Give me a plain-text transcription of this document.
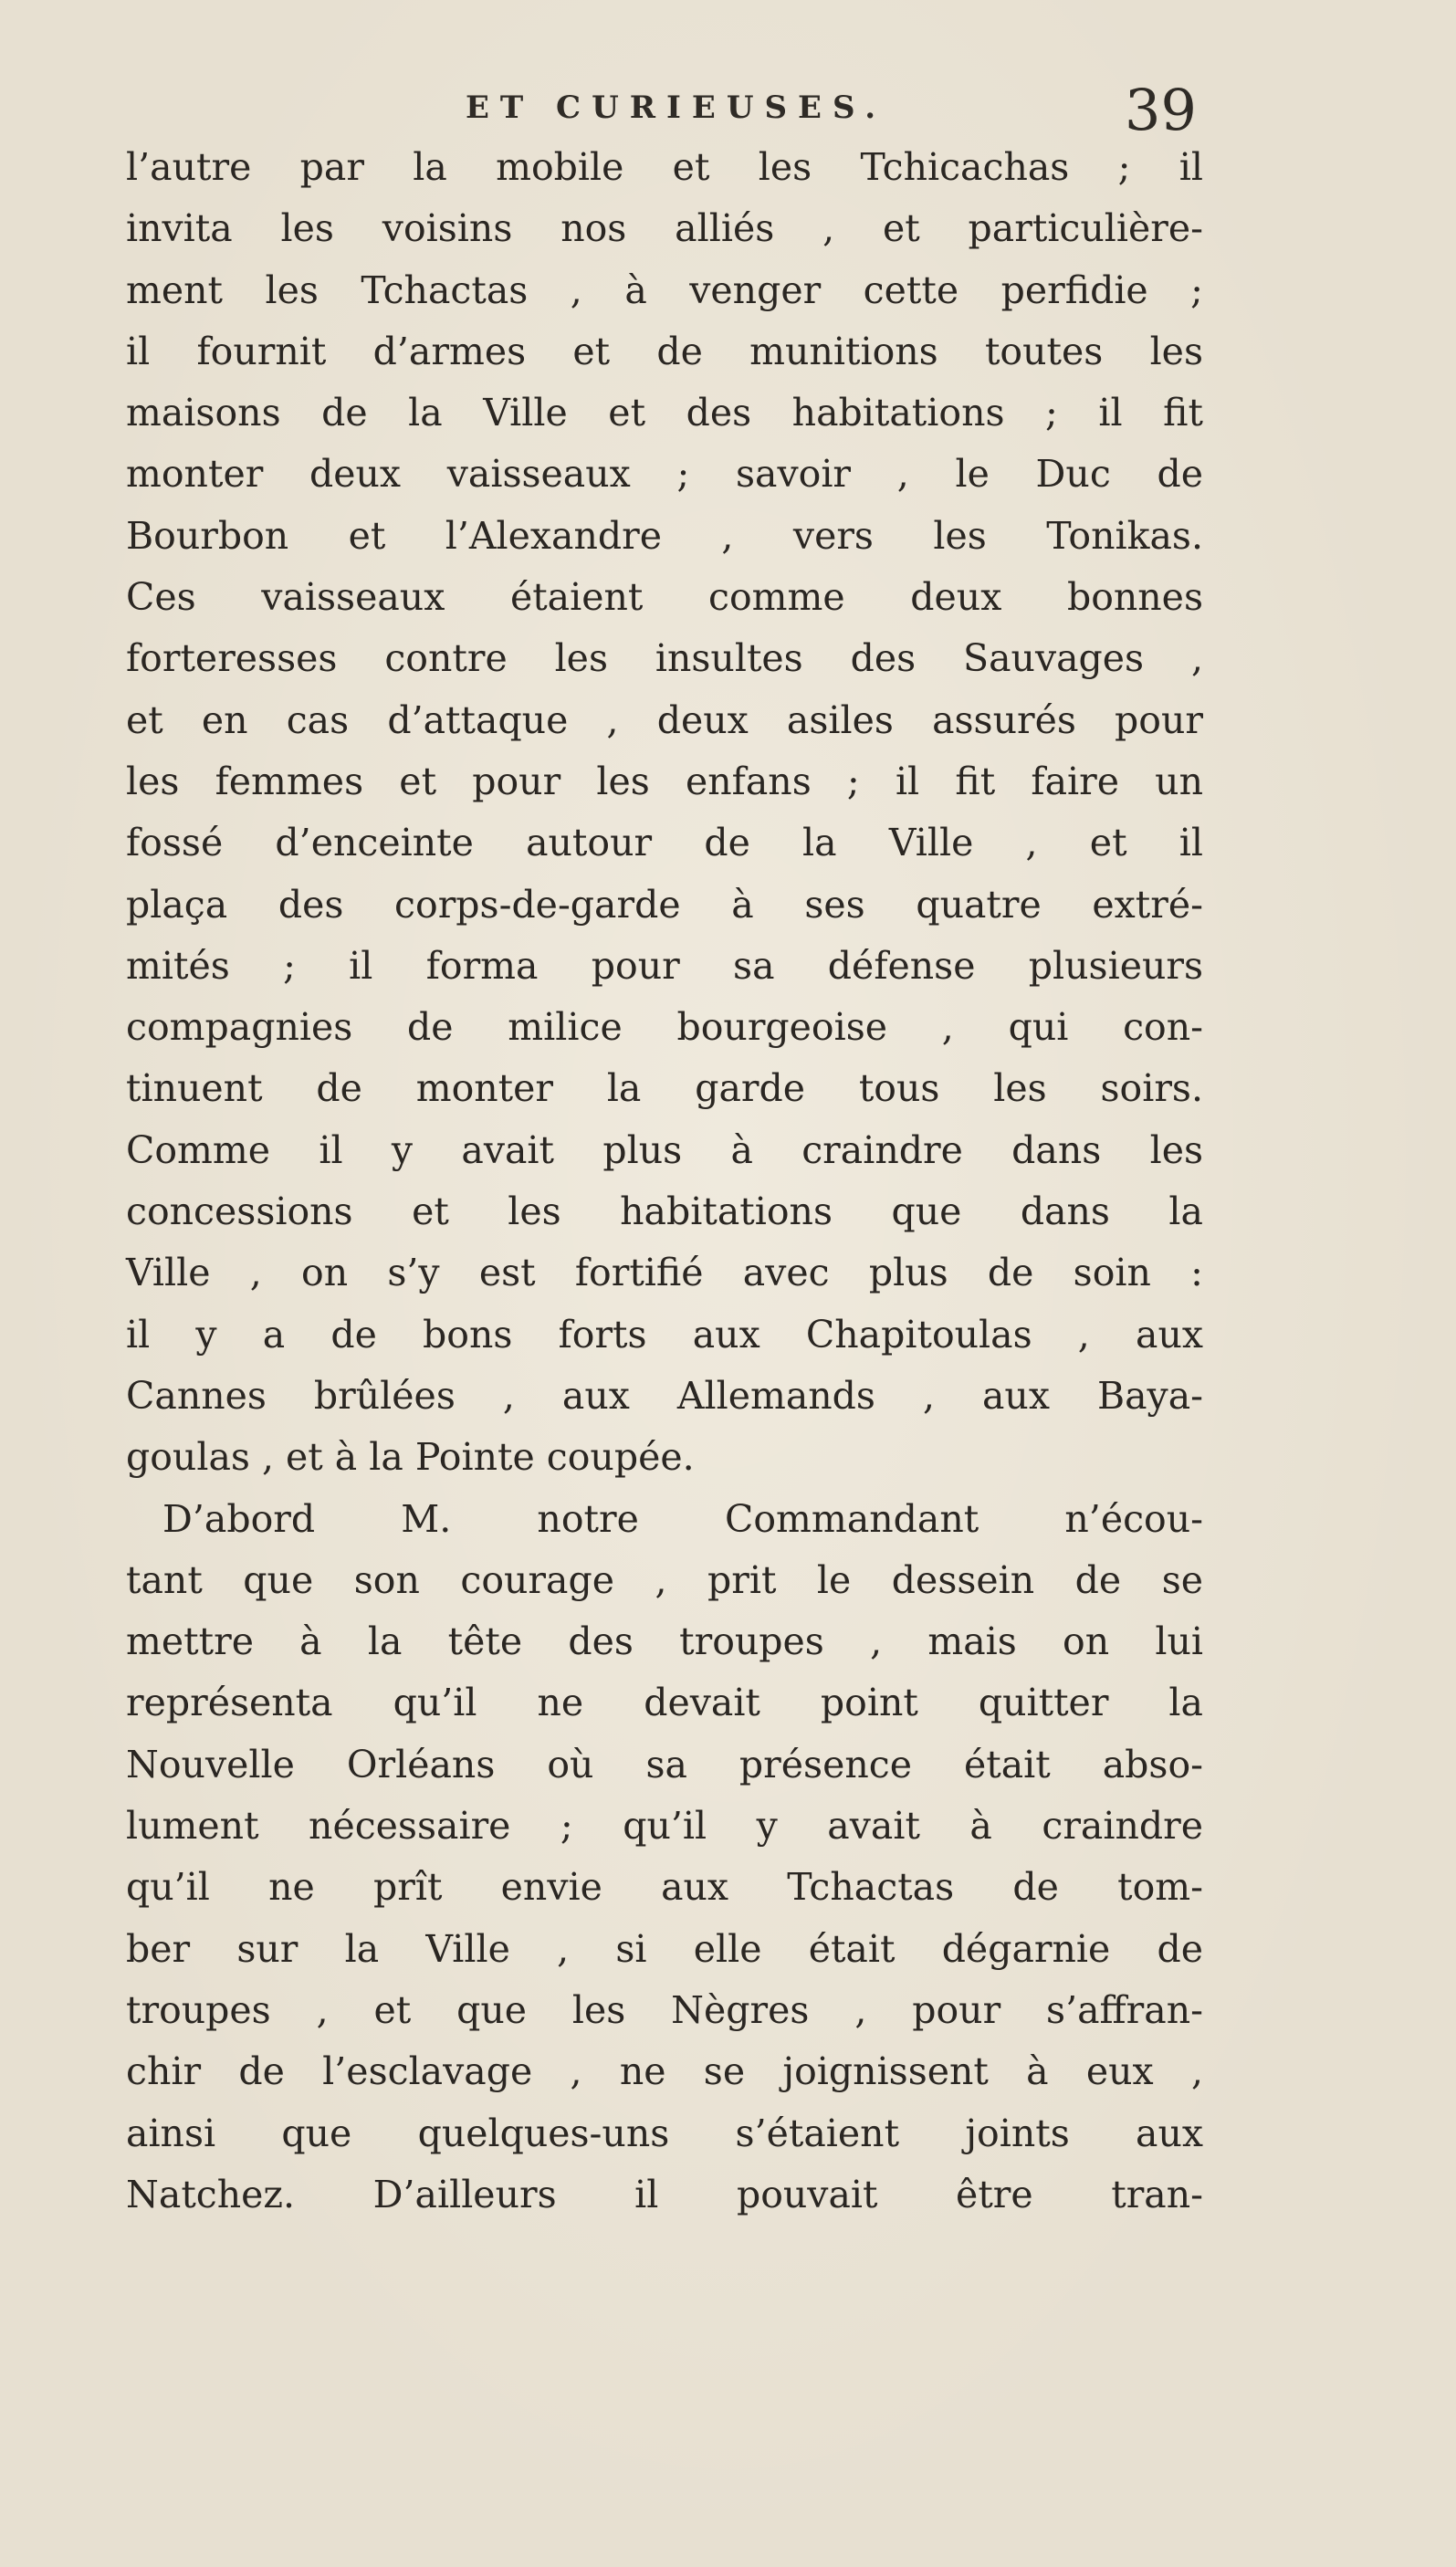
ET CURIEUSES.	39
l’autre par la mobile et les Tchicachas ; il
invita les voisins nos alliés , et particulière-
ment les Tchactas , à venger cette perfidie ;
il fournit d’armes et de munitions toutes les
maisons de la Ville et des habitations ; il fit
monter deux vaisseaux ; savoir , le Duc de
Bourbon et l’Alexandre , vers les Tonikas.
Ces vaisseaux étaient comme deux bonnes
forteresses contre les insultes des Sauvages ,
et en cas d’attaque , deux asiles assurés pour
les femmes et pour les enfans ; il fit faire un
fossé d’enceinte autour de la Ville , et il
plaça des corps-de-garde à ses quatre extré-
mités ; il forma pour sa défense plusieurs
compagnies de milice bourgeoise , qui con-
tinuent de monter la garde tous les soirs.
Comme il y avait plus à craindre dans les
concessions et les habitations que dans la
Ville , on s’y est fortifié avec plus de soin :
il y a de bons forts aux Chapitoulas , aux
Cannes brûlées , aux Allemands , aux Baya-
goulas , et à la Pointe coupée.
D’abord M. notre Commandant n’écou-
tant que son courage , prit le dessein de se
mettre à la tête des troupes , mais on lui
représenta qu’il ne devait point quitter la
Nouvelle Orléans où sa présence était abso-
lument nécessaire ; qu’il y avait à craindre
qu’il ne prît envie aux Tchactas de tom-
ber sur la Ville , si elle était dégarnie de
troupes , et que les Nègres , pour s’affran-
chir de l’esclavage , ne se joignissent à eux ,
ainsi que quelques-uns s’étaient joints aux
Natchez. D’ailleurs il pouvait être tran-
